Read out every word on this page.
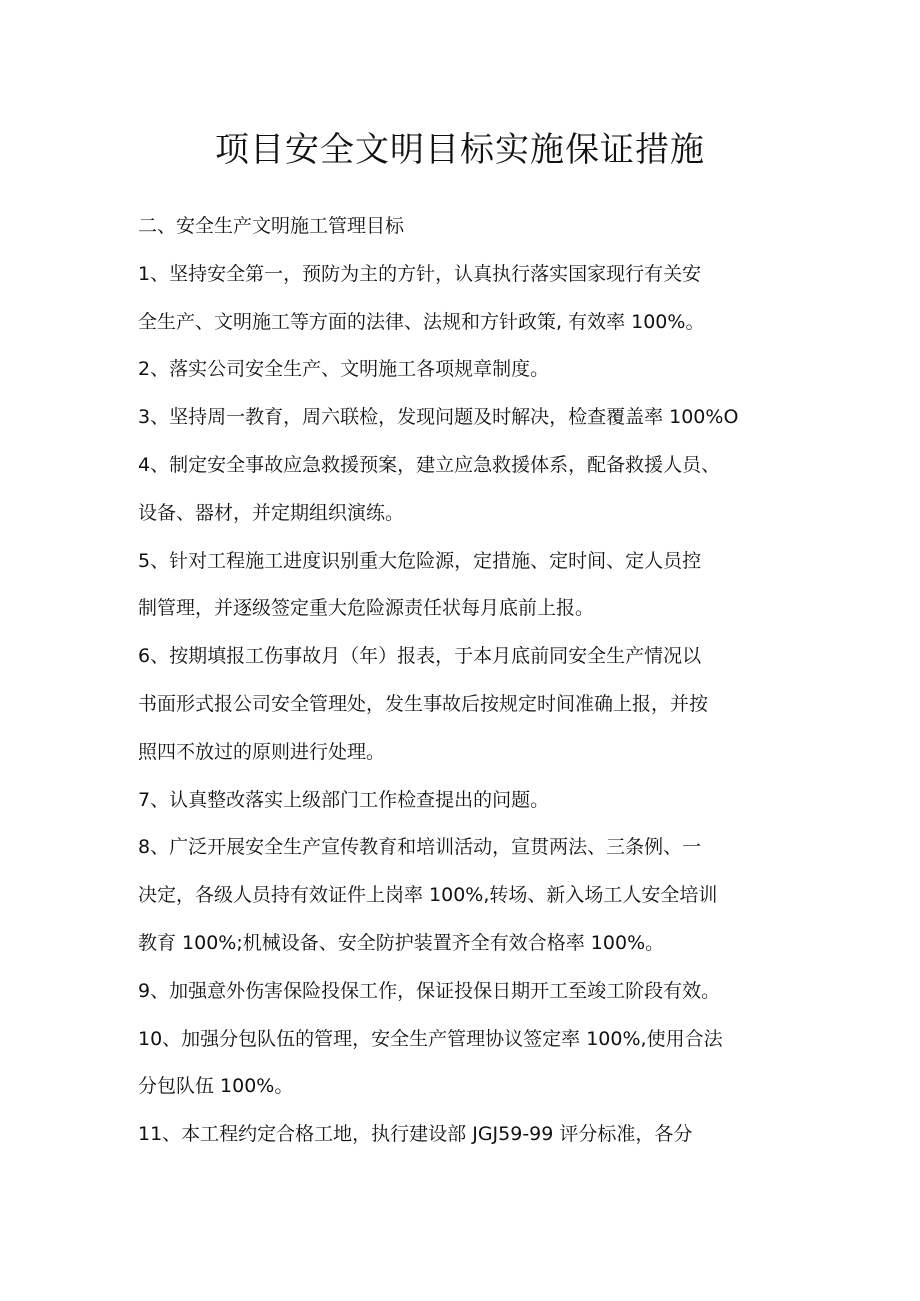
项目安全文明目标实施保证措施
二、安全生产文明施工管理目标
1、坚持安全第一，预防为主的方针，认真执行落实国家现行有关安
全生产、文明施工等方面的法律、法规和方针政策, 有效率 100%。
2、落实公司安全生产、文明施工各项规章制度。
3、坚持周一教育，周六联检，发现问题及时解决，检查覆盖率 100%O
4、制定安全事故应急救援预案，建立应急救援体系，配备救援人员、
设备、器材，并定期组织演练。
5、针对工程施工进度识别重大危险源，定措施、定时间、定人员控
制管理，并逐级签定重大危险源责任状每月底前上报。
6、按期填报工伤事故月（年）报表，于本月底前同安全生产情况以
书面形式报公司安全管理处，发生事故后按规定时间准确上报，并按
照四不放过的原则进行处理。
7、认真整改落实上级部门工作检查提出的问题。
8、广泛开展安全生产宣传教育和培训活动，宣贯两法、三条例、一
决定，各级人员持有效证件上岗率 100%,转场、新入场工人安全培训
教育 100%;机械设备、安全防护装置齐全有效合格率 100%。
9、加强意外伤害保险投保工作，保证投保日期开工至竣工阶段有效。
10、加强分包队伍的管理，安全生产管理协议签定率 100%,使用合法
分包队伍 100%。
11、本工程约定合格工地，执行建设部 JGJ59-99 评分标准，各分
